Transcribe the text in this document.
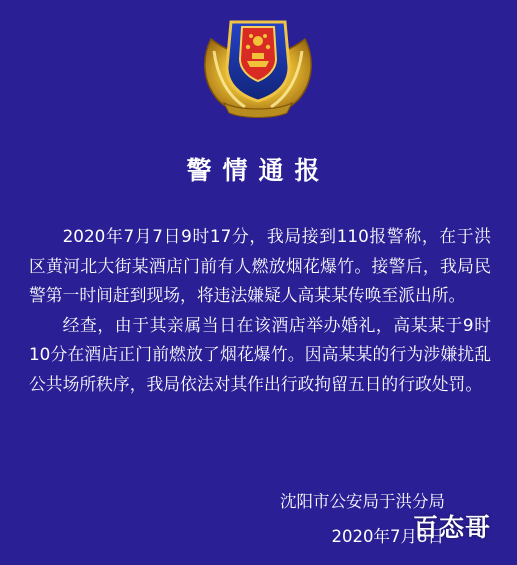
警情通报

2020年7月7日9时17分，我局接到110报警称，在于洪区黄河北大街某酒店门前有人燃放烟花爆竹。接警后，我局民警第一时间赶到现场，将违法嫌疑人高某某传唤至派出所。

经查，由于其亲属当日在该酒店举办婚礼，高某某于9时10分在酒店正门前燃放了烟花爆竹。因高某某的行为涉嫌扰乱公共场所秩序，我局依法对其作出行政拘留五日的行政处罚。

沈阳市公安局于洪分局
2020年7月8日
百态哥
